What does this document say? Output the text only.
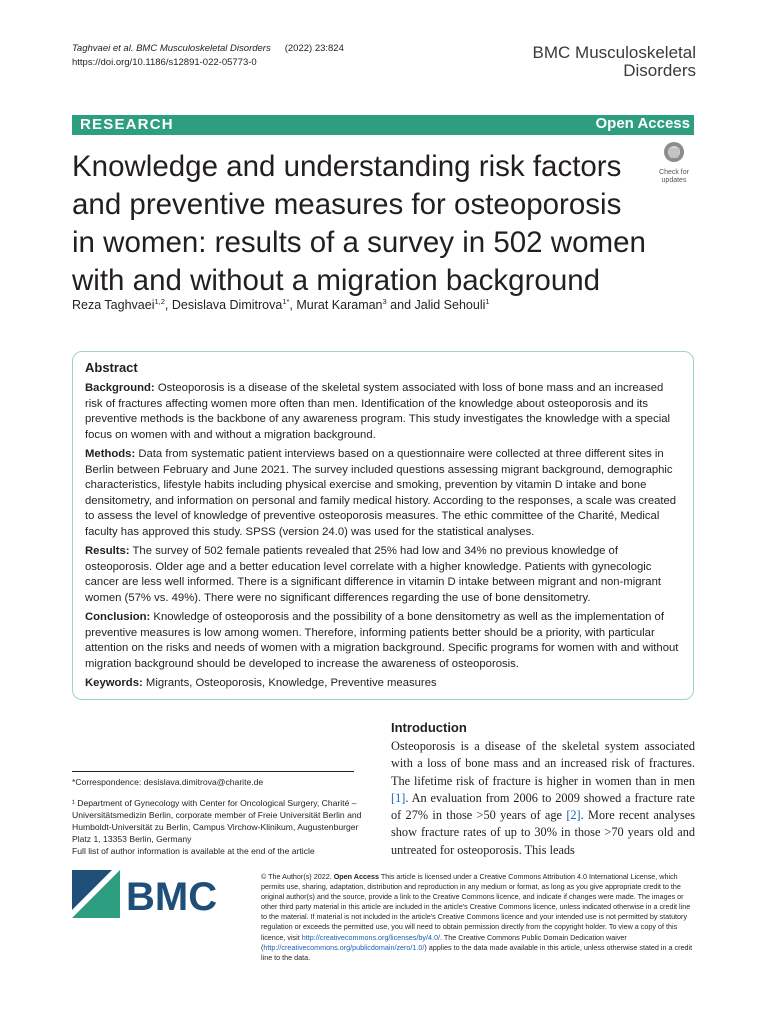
Taghvaei et al. BMC Musculoskeletal Disorders (2022) 23:824
https://doi.org/10.1186/s12891-022-05773-0
BMC Musculoskeletal
Disorders
RESEARCH	Open Access
Check for
updates
Knowledge and understanding risk factors and preventive measures for osteoporosis in women: results of a survey in 502 women with and without a migration background
Reza Taghvaei$^{1,2}$, Desislava Dimitrova$^{1*}$, Murat Karaman$^3$ and Jalid Sehouli$^1$
Abstract

Background: Osteoporosis is a disease of the skeletal system associated with loss of bone mass and an increased risk of fractures affecting women more often than men. Identification of the knowledge about osteoporosis and its preventive methods is the backbone of any awareness program. This study investigates the knowledge with a special focus on women with and without a migration background.

Methods: Data from systematic patient interviews based on a questionnaire were collected at three different sites in Berlin between February and June 2021. The survey included questions assessing migrant background, demographic characteristics, lifestyle habits including physical exercise and smoking, prevention by vitamin D intake and bone densitometry, and information on personal and family medical history. According to the responses, a scale was created to assess the level of knowledge of preventive osteoporosis measures. The ethic committee of the Charité, Medical faculty has approved this study. SPSS (version 24.0) was used for the statistical analyses.

Results: The survey of 502 female patients revealed that 25% had low and 34% no previous knowledge of osteoporosis. Older age and a better education level correlate with a higher knowledge. Patients with gynecologic cancer are less well informed. There is a significant difference in vitamin D intake between migrant and non-migrant women (57% vs. 49%). There were no significant differences regarding the use of bone densitometry.

Conclusion: Knowledge of osteoporosis and the possibility of a bone densitometry as well as the implementation of preventive measures is low among women. Therefore, informing patients better should be a priority, with particular attention on the risks and needs of women with a migration background. Specific programs for women with and without migration background should be developed to increase the awareness of osteoporosis.

Keywords: Migrants, Osteoporosis, Knowledge, Preventive measures

Introduction
Osteoporosis is a disease of the skeletal system associated with a loss of bone mass and an increased risk of fractures. The lifetime risk of fracture is higher in women than in men [1]. An evaluation from 2006 to 2009 showed a fracture rate of 27% in those >50 years of age [2]. More recent analyses show fracture rates of up to 30% in those >70 years old and untreated for osteoporosis. This leads
*Correspondence: desislava.dimitrova@charite.de
¹ Department of Gynecology with Center for Oncological Surgery, Charité – Universitätsmedizin Berlin, corporate member of Freie Universität Berlin and Humboldt-Universität zu Berlin, Campus Virchow-Klinikum, Augustenburger Platz 1, 13353 Berlin, Germany
Full list of author information is available at the end of the article
BMC	© The Author(s) 2022. Open Access This article is licensed under a Creative Commons Attribution 4.0 International License, which permits use, sharing, adaptation, distribution and reproduction in any medium or format, as long as you give appropriate credit to the original author(s) and the source, provide a link to the Creative Commons licence, and indicate if changes were made. The images or other third party material in this article are included in the article's Creative Commons licence, unless indicated otherwise in a credit line to the material. If material is not included in the article's Creative Commons licence and your intended use is not permitted by statutory regulation or exceeds the permitted use, you will need to obtain permission directly from the copyright holder. To view a copy of this licence, visit http://creativecommons.org/licenses/by/4.0/. The Creative Commons Public Domain Dedication waiver (http://creativecommons.org/publicdomain/zero/1.0/) applies to the data made available in this article, unless otherwise stated in a credit line to the data.
